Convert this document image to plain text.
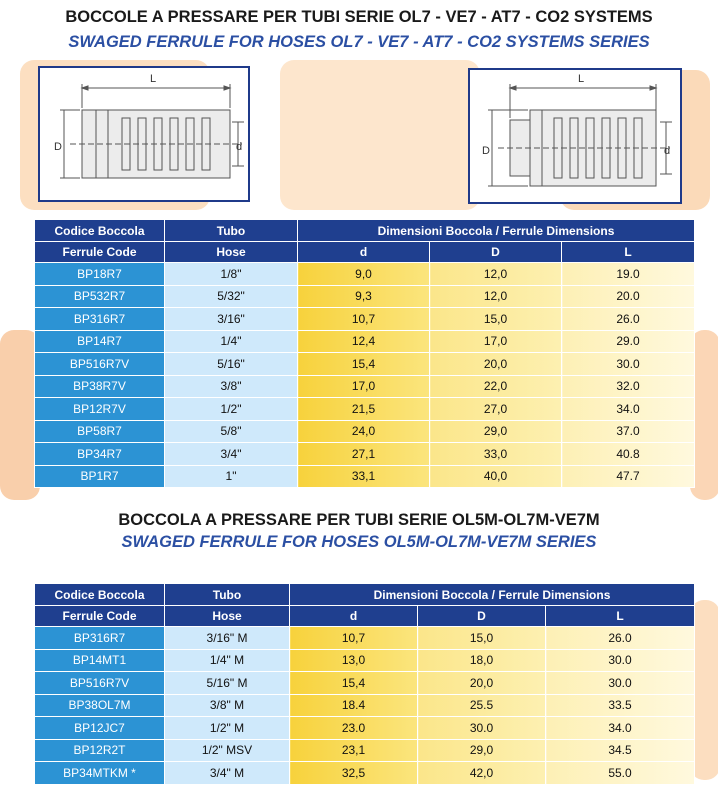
BOCCOLE A PRESSARE PER TUBI SERIE OL7 - VE7 - AT7 - CO2 SYSTEMS
SWAGED FERRULE FOR HOSES OL7 - VE7 - AT7 - CO2 SYSTEMS SERIES
L
D	d
L
D	d
Codice Boccola	Tubo	Dimensioni Boccola / Ferrule Dimensions		
Ferrule Code	Hose	d	D	L
BP18R7	1/8"	9,0	12,0	19.0
BP532R7	5/32"	9,3	12,0	20.0
BP316R7	3/16"	10,7	15,0	26.0
BP14R7	1/4"	12,4	17,0	29.0
BP516R7V	5/16"	15,4	20,0	30.0
BP38R7V	3/8"	17,0	22,0	32.0
BP12R7V	1/2"	21,5	27,0	34.0
BP58R7	5/8"	24,0	29,0	37.0
BP34R7	3/4"	27,1	33,0	40.8
BP1R7	1"	33,1	40,0	47.7
BOCCOLA A PRESSARE PER TUBI SERIE OL5M-OL7M-VE7M
SWAGED FERRULE FOR HOSES OL5M-OL7M-VE7M SERIES
Codice Boccola	Tubo	Dimensioni Boccola / Ferrule Dimensions		
Ferrule Code	Hose	d	D	L
BP316R7	3/16" M	10,7	15,0	26.0
BP14MT1	1/4" M	13,0	18,0	30.0
BP516R7V	5/16" M	15,4	20,0	30.0
BP38OL7M	3/8" M	18.4	25.5	33.5
BP12JC7	1/2" M	23.0	30.0	34.0
BP12R2T	1/2" MSV	23,1	29,0	34.5
BP34MTKM *	3/4" M	32,5	42,0	55.0
